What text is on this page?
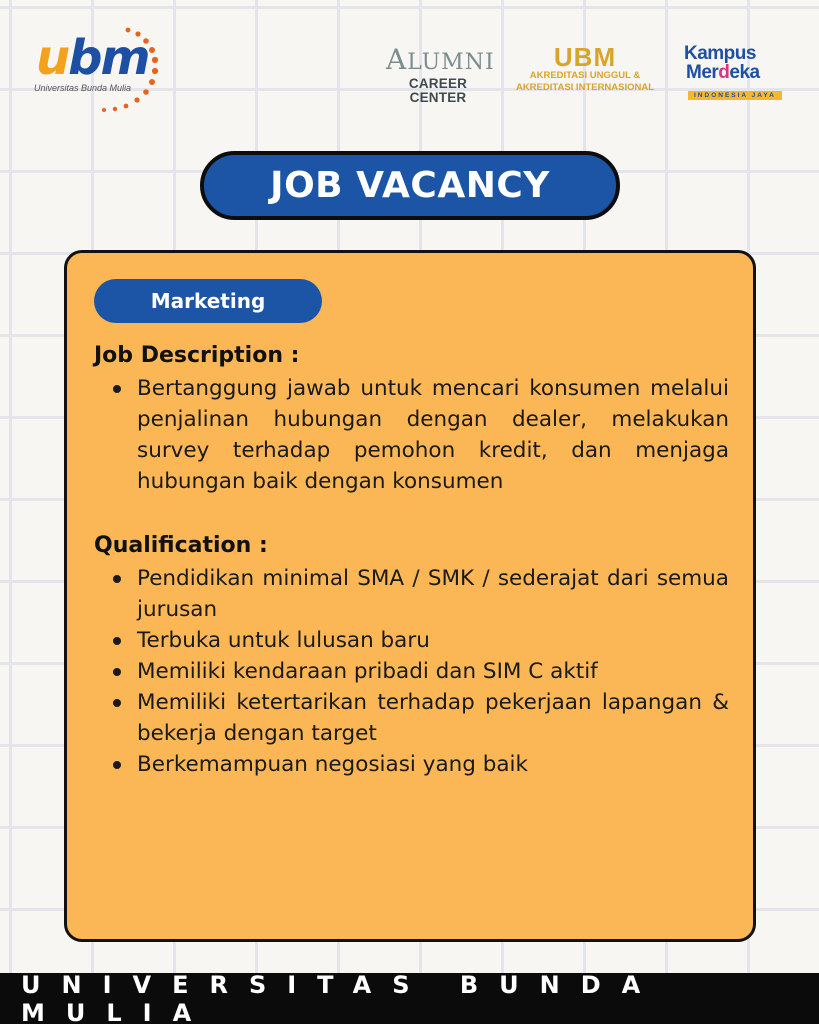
ubm
Universitas Bunda Mulia
ALUMNI
CAREER CENTER
UBM
AKREDITASI UNGGUL &
AKREDITASI INTERNASIONAL
Kampus
Merdeka
INDONESIA JAYA
JOB VACANCY
Marketing
Job Description :
Bertanggung jawab untuk mencari konsumen melalui penjalinan hubungan dengan dealer, melakukan survey terhadap pemohon kredit, dan menjaga hubungan baik dengan konsumen
Qualification :
Pendidikan minimal SMA / SMK / sederajat dari semua jurusan
Terbuka untuk lulusan baru
Memiliki kendaraan pribadi dan SIM C aktif
Memiliki ketertarikan terhadap pekerjaan lapangan & bekerja dengan target
Berkemampuan negosiasi yang baik
UNIVERSITAS BUNDA MULIA
